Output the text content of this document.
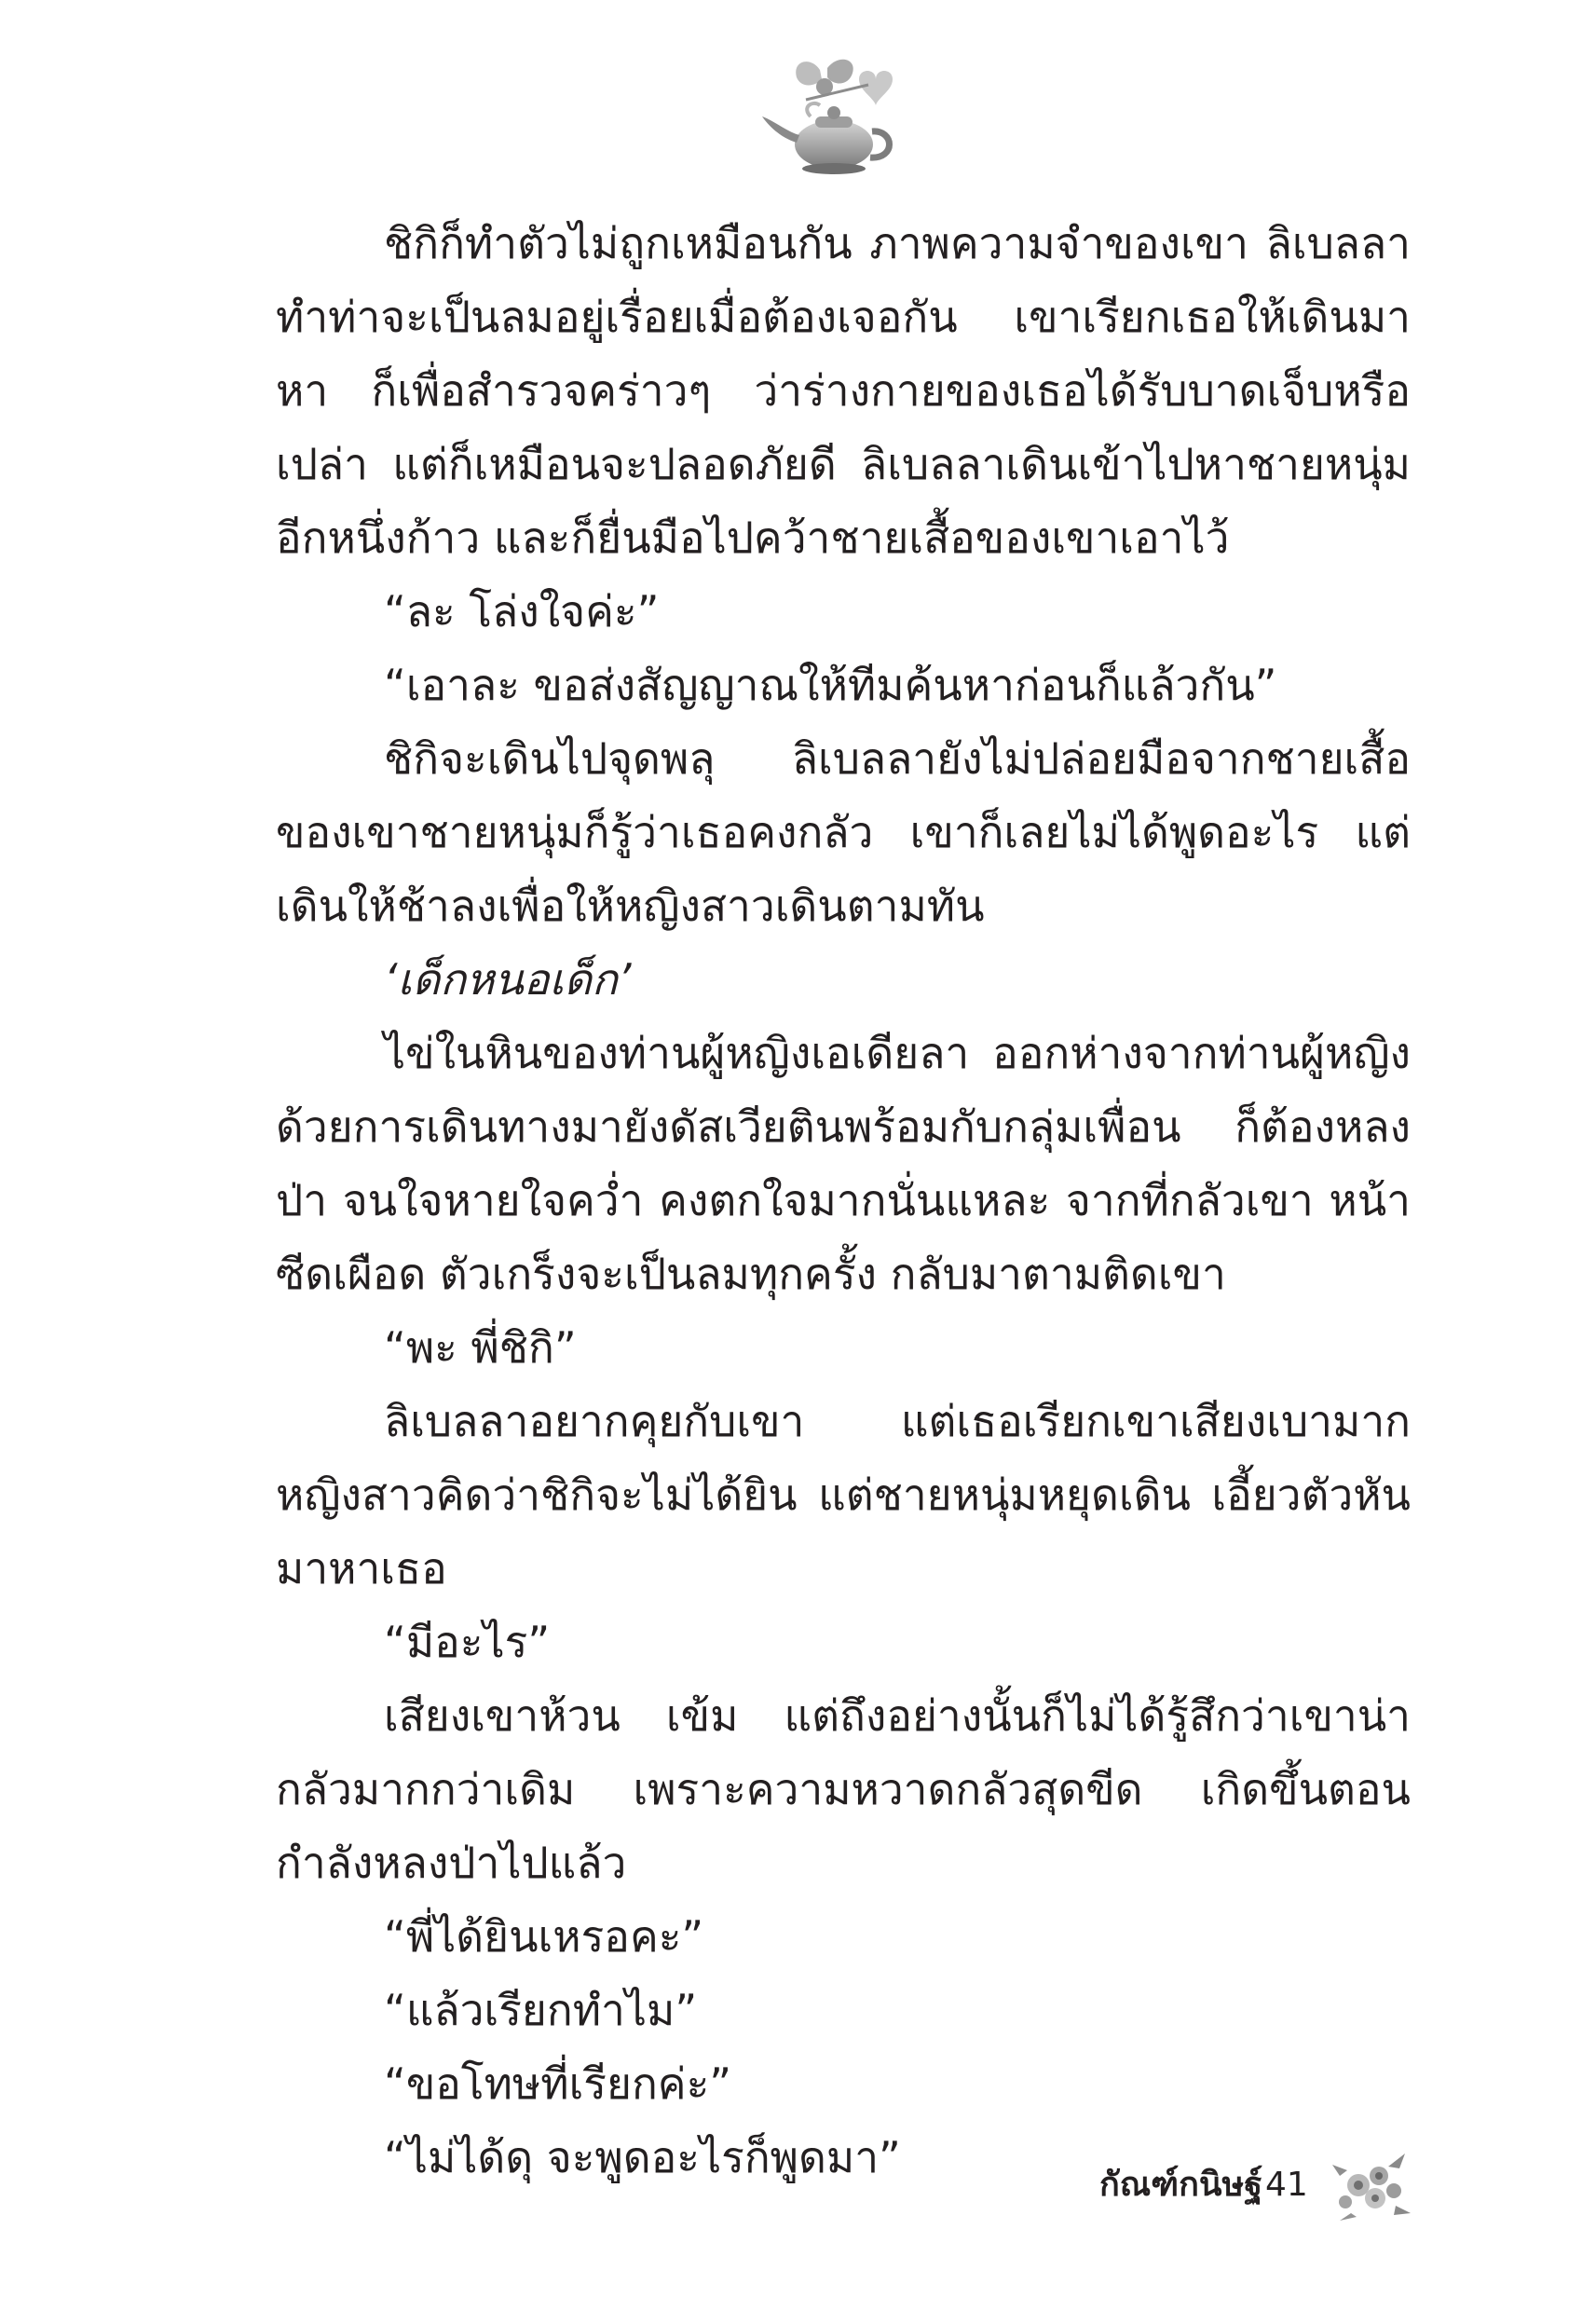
ชิกิก็ทำตัวไม่ถูกเหมือนกัน ภาพความจำของเขา ลิเบลลาทำท่าจะเป็นลมอยู่เรื่อยเมื่อต้องเจอกัน เขาเรียกเธอให้เดินมาหา ก็เพื่อสำรวจคร่าวๆ ว่าร่างกายของเธอได้รับบาดเจ็บหรือเปล่า แต่ก็เหมือนจะปลอดภัยดี ลิเบลลาเดินเข้าไปหาชายหนุ่มอีกหนึ่งก้าว และก็ยื่นมือไปคว้าชายเสื้อของเขาเอาไว้

“ละ โล่งใจค่ะ”

“เอาละ ขอส่งสัญญาณให้ทีมค้นหาก่อนก็แล้วกัน”

ชิกิจะเดินไปจุดพลุ ลิเบลลายังไม่ปล่อยมือจากชายเสื้อของเขาชายหนุ่มก็รู้ว่าเธอคงกลัว เขาก็เลยไม่ได้พูดอะไร แต่เดินให้ช้าลงเพื่อให้หญิงสาวเดินตามทัน

‘เด็กหนอเด็ก’

ไข่ในหินของท่านผู้หญิงเอเดียลา ออกห่างจากท่านผู้หญิงด้วยการเดินทางมายังดัสเวียตินพร้อมกับกลุ่มเพื่อน ก็ต้องหลงป่า จนใจหายใจคว่ำ คงตกใจมากนั่นแหละ จากที่กลัวเขา หน้าซีดเผือด ตัวเกร็งจะเป็นลมทุกครั้ง กลับมาตามติดเขา

“พะ พี่ชิกิ”

ลิเบลลาอยากคุยกับเขา แต่เธอเรียกเขาเสียงเบามาก หญิงสาวคิดว่าชิกิจะไม่ได้ยิน แต่ชายหนุ่มหยุดเดิน เอี้ยวตัวหันมาหาเธอ

“มีอะไร”

เสียงเขาห้วน เข้ม แต่ถึงอย่างนั้นก็ไม่ได้รู้สึกว่าเขาน่ากลัวมากกว่าเดิม เพราะความหวาดกลัวสุดขีด เกิดขึ้นตอนกำลังหลงป่าไปแล้ว

“พี่ได้ยินเหรอคะ”

“แล้วเรียกทำไม”

“ขอโทษที่เรียกค่ะ”

“ไม่ได้ดุ จะพูดอะไรก็พูดมา”

กัณฑ์กนิษฐ์ 41
